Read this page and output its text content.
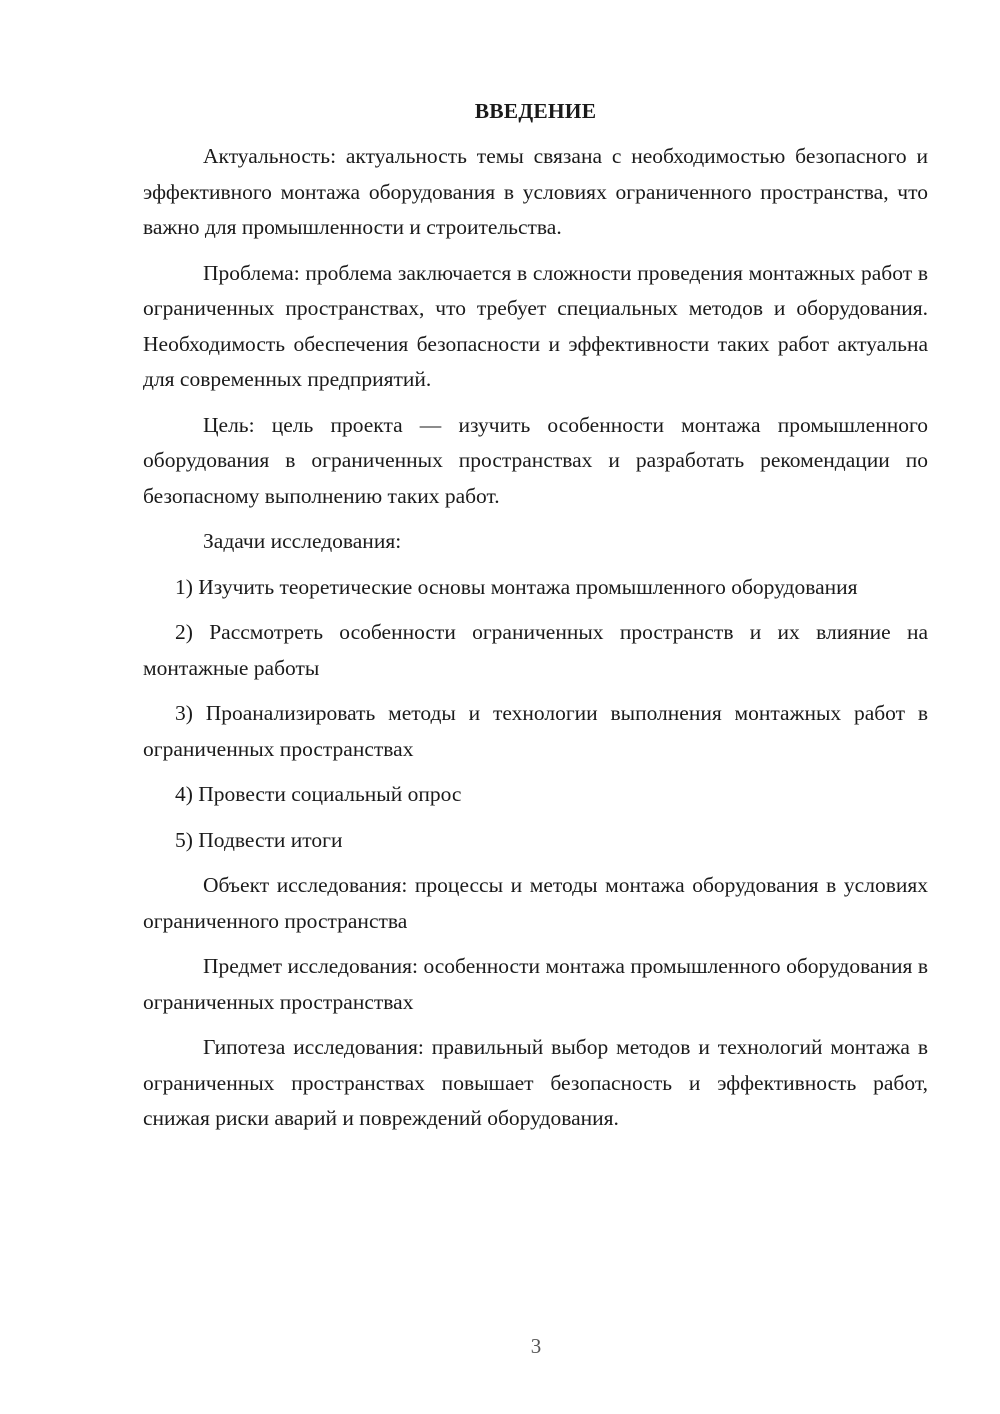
ВВЕДЕНИЕ

Актуальность: актуальность темы связана с необходимостью безопасного и эффективного монтажа оборудования в условиях ограниченного пространства, что важно для промышленности и строительства.

Проблема: проблема заключается в сложности проведения монтажных работ в ограниченных пространствах, что требует специальных методов и оборудования. Необходимость обеспечения безопасности и эффективности таких работ актуальна для современных предприятий.

Цель: цель проекта — изучить особенности монтажа промышленного оборудования в ограниченных пространствах и разработать рекомендации по безопасному выполнению таких работ.

Задачи исследования:

1) Изучить теоретические основы монтажа промышленного оборудования

2) Рассмотреть особенности ограниченных пространств и их влияние на монтажные работы

3) Проанализировать методы и технологии выполнения монтажных работ в ограниченных пространствах

4) Провести социальный опрос

5) Подвести итоги

Объект исследования: процессы и методы монтажа оборудования в условиях ограниченного пространства

Предмет исследования: особенности монтажа промышленного оборудования в ограниченных пространствах

Гипотеза исследования: правильный выбор методов и технологий монтажа в ограниченных пространствах повышает безопасность и эффективность работ, снижая риски аварий и повреждений оборудования.

3
